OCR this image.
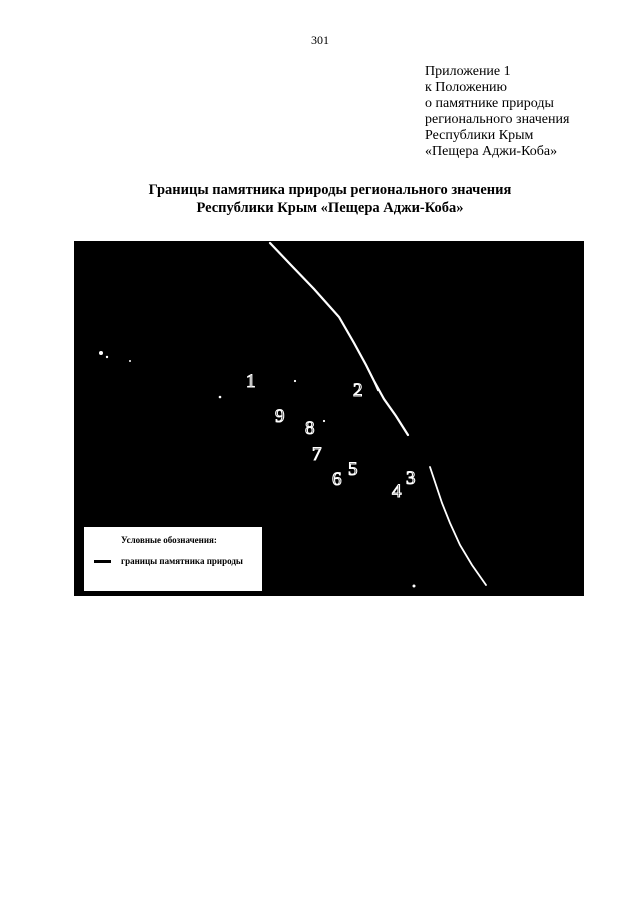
301
Приложение 1
к Положению
о памятнике природы
регионального значения
Республики Крым
«Пещера Аджи-Коба»
Границы памятника природы регионального значения
Республики Крым «Пещера Аджи-Коба»
1	2
3
4
5
6
7
8
9
Условные обозначения:
границы памятника природы
